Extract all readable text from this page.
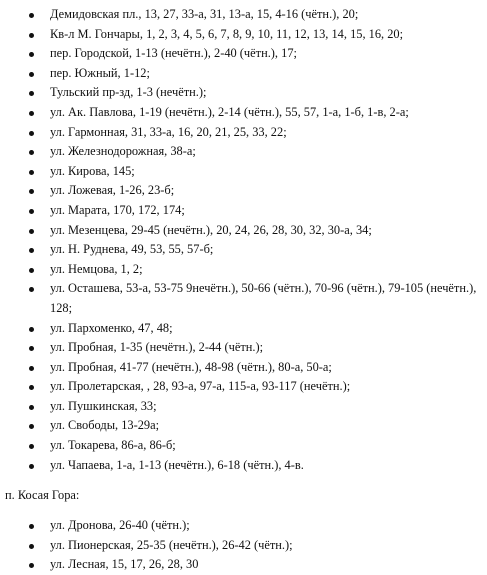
Демидовская пл., 13, 27, 33-а, 31, 13-а, 15, 4-16 (чётн.), 20;
Кв-л М. Гончары, 1, 2, 3, 4, 5, 6, 7, 8, 9, 10, 11, 12, 13, 14, 15, 16, 20;
пер. Городской, 1-13 (нечётн.), 2-40 (чётн.), 17;
пер. Южный, 1-12;
Тульский пр-зд, 1-3 (нечётн.);
ул. Ак. Павлова, 1-19 (нечётн.), 2-14 (чётн.), 55, 57, 1-а, 1-б, 1-в, 2-а;
ул. Гармонная, 31, 33-а, 16, 20, 21, 25, 33, 22;
ул. Железнодорожная, 38-а;
ул. Кирова, 145;
ул. Ложевая, 1-26, 23-б;
ул. Марата, 170, 172, 174;
ул. Мезенцева, 29-45 (нечётн.), 20, 24, 26, 28, 30, 32, 30-а, 34;
ул. Н. Руднева, 49, 53, 55, 57-б;
ул. Немцова, 1, 2;
ул. Осташева, 53-а, 53-75 9нечётн.), 50-66 (чётн.), 70-96 (чётн.), 79-105 (нечётн.), 128;
ул. Пархоменко, 47, 48;
ул. Пробная, 1-35 (нечётн.), 2-44 (чётн.);
ул. Пробная, 41-77 (нечётн.), 48-98 (чётн.), 80-а, 50-а;
ул. Пролетарская, , 28, 93-а, 97-а, 115-а, 93-117 (нечётн.);
ул. Пушкинская, 33;
ул. Свободы, 13-29а;
ул. Токарева, 86-а, 86-б;
ул. Чапаева, 1-а, 1-13 (нечётн.), 6-18 (чётн.), 4-в.
п. Косая Гора:
ул. Дронова, 26-40 (чётн.);
ул. Пионерская, 25-35 (нечётн.), 26-42 (чётн.);
ул. Лесная, 15, 17, 26, 28, 30
